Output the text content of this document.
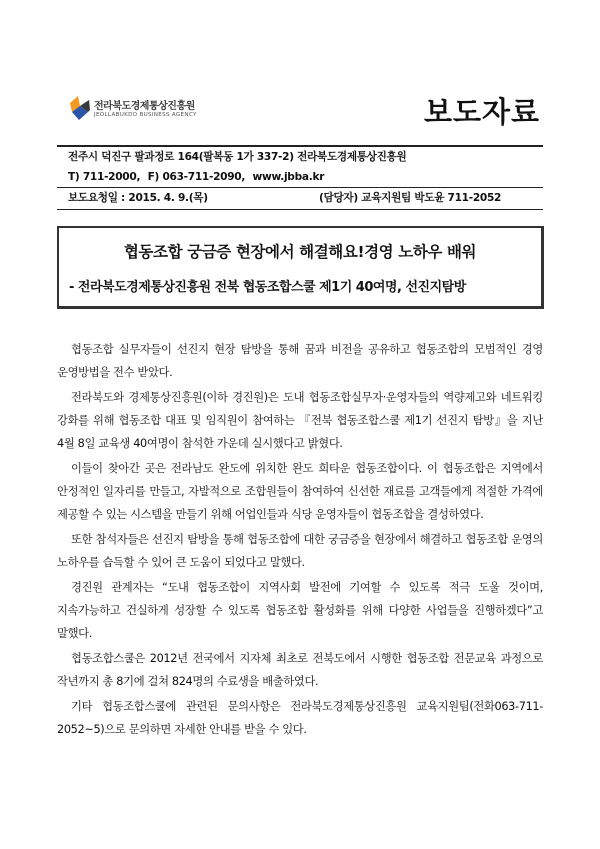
전라북도경제통상진흥원
JEOLLABUKDO BUSINESS AGENCY	보도자료
전주시 덕진구 팔과정로 164(팔복동 1가 337-2) 전라북도경제통상진흥원
T) 711-2000, F) 063-711-2090, www.jbba.kr
보도요청일 : 2015. 4. 9.(목)	(담당자) 교육지원팀 박도윤 711-2052
협동조합 궁금증 현장에서 해결해요!경영 노하우 배워
- 전라북도경제통상진흥원 전북 협동조합스쿨 제1기 40여명, 선진지탐방

협동조합 실무자들이 선진지 현장 탐방을 통해 꿈과 비전을 공유하고 협동조합의 모범적인 경영 운영방법을 전수 받았다.

전라북도와 경제통상진흥원(이하 경진원)은 도내 협동조합실무자·운영자들의 역량제고와 네트워킹 강화를 위해 협동조합 대표 및 임직원이 참여하는 『전북 협동조합스쿨 제1기 선진지 탐방』을 지난 4월 8일 교육생 40여명이 참석한 가운데 실시했다고 밝혔다.

이들이 찾아간 곳은 전라남도 완도에 위치한 완도 희타운 협동조합이다. 이 협동조합은 지역에서 안정적인 일자리를 만들고, 자발적으로 조합원들이 참여하여 신선한 재료를 고객들에게 적절한 가격에 제공할 수 있는 시스템을 만들기 위해 어업인들과 식당 운영자들이 협동조합을 결성하였다.

또한 참석자들은 선진지 탐방을 통해 협동조합에 대한 궁금증을 현장에서 해결하고 협동조합 운영의 노하우를 습득할 수 있어 큰 도움이 되었다고 말했다.

경진원 관계자는 “도내 협동조합이 지역사회 발전에 기여할 수 있도록 적극 도울 것이며, 지속가능하고 건실하게 성장할 수 있도록 협동조합 활성화를 위해 다양한 사업들을 진행하겠다”고 말했다.

협동조합스쿨은 2012년 전국에서 지자체 최초로 전북도에서 시행한 협동조합 전문교육 과정으로 작년까지 총 8기에 걸쳐 824명의 수료생을 배출하였다.

기타 협동조합스쿨에 관련된 문의사항은 전라북도경제통상진흥원 교육지원팀(전화063-711-2052~5)으로 문의하면 자세한 안내를 받을 수 있다.
